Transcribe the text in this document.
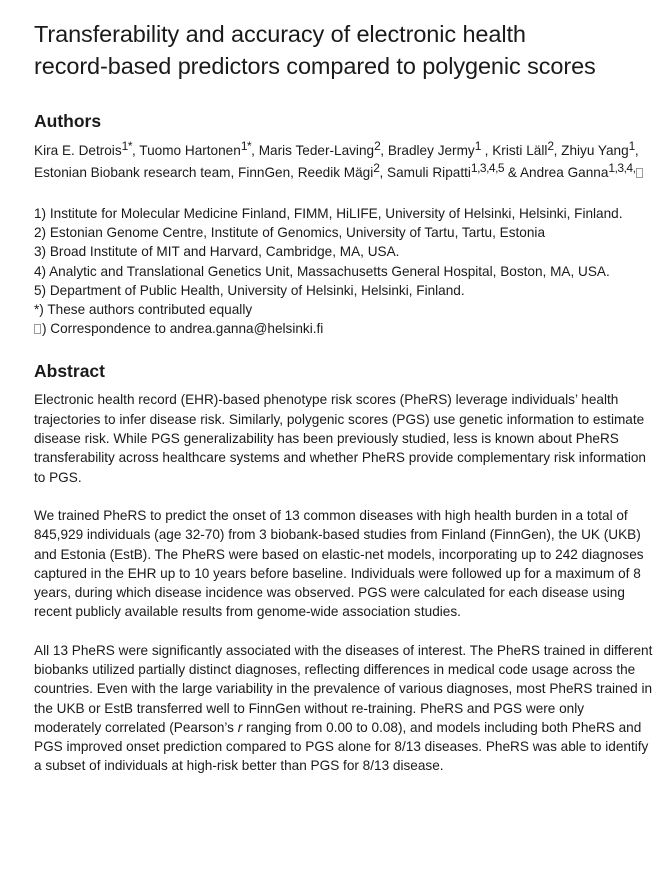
Transferability and accuracy of electronic health
record-based predictors compared to polygenic scores
Authors

Kira E. Detrois$^{1*}$, Tuomo Hartonen$^{1*}$, Maris Teder-Laving$^2$, Bradley Jermy$^1$ , Kristi Läll$^2$, Zhiyu Yang$^1$, Estonian Biobank research team, FinnGen, Reedik Mägi$^2$, Samuli Ripatti$^{1,3,4,5}$ & Andrea Ganna$^{1,3,4,}$

1) Institute for Molecular Medicine Finland, FIMM, HiLIFE, University of Helsinki, Helsinki, Finland.
2) Estonian Genome Centre, Institute of Genomics, University of Tartu, Tartu, Estonia
3) Broad Institute of MIT and Harvard, Cambridge, MA, USA.
4) Analytic and Translational Genetics Unit, Massachusetts General Hospital, Boston, MA, USA.
5) Department of Public Health, University of Helsinki, Helsinki, Finland.
*) These authors contributed equally
) Correspondence to andrea.ganna@helsinki.fi
Abstract

Electronic health record (EHR)-based phenotype risk scores (PheRS) leverage individuals’ health trajectories to infer disease risk. Similarly, polygenic scores (PGS) use genetic information to estimate disease risk. While PGS generalizability has been previously studied, less is known about PheRS transferability across healthcare systems and whether PheRS provide complementary risk information to PGS.

We trained PheRS to predict the onset of 13 common diseases with high health burden in a total of 845,929 individuals (age 32-70) from 3 biobank-based studies from Finland (FinnGen), the UK (UKB) and Estonia (EstB). The PheRS were based on elastic-net models, incorporating up to 242 diagnoses captured in the EHR up to 10 years before baseline. Individuals were followed up for a maximum of 8 years, during which disease incidence was observed. PGS were calculated for each disease using recent publicly available results from genome-wide association studies.

All 13 PheRS were significantly associated with the diseases of interest. The PheRS trained in different biobanks utilized partially distinct diagnoses, reflecting differences in medical code usage across the countries. Even with the large variability in the prevalence of various diagnoses, most PheRS trained in the UKB or EstB transferred well to FinnGen without re-training. PheRS and PGS were only moderately correlated (Pearson’s r ranging from 0.00 to 0.08), and models including both PheRS and PGS improved onset prediction compared to PGS alone for 8/13 diseases. PheRS was able to identify a subset of individuals at high-risk better than PGS for 8/13 disease.
